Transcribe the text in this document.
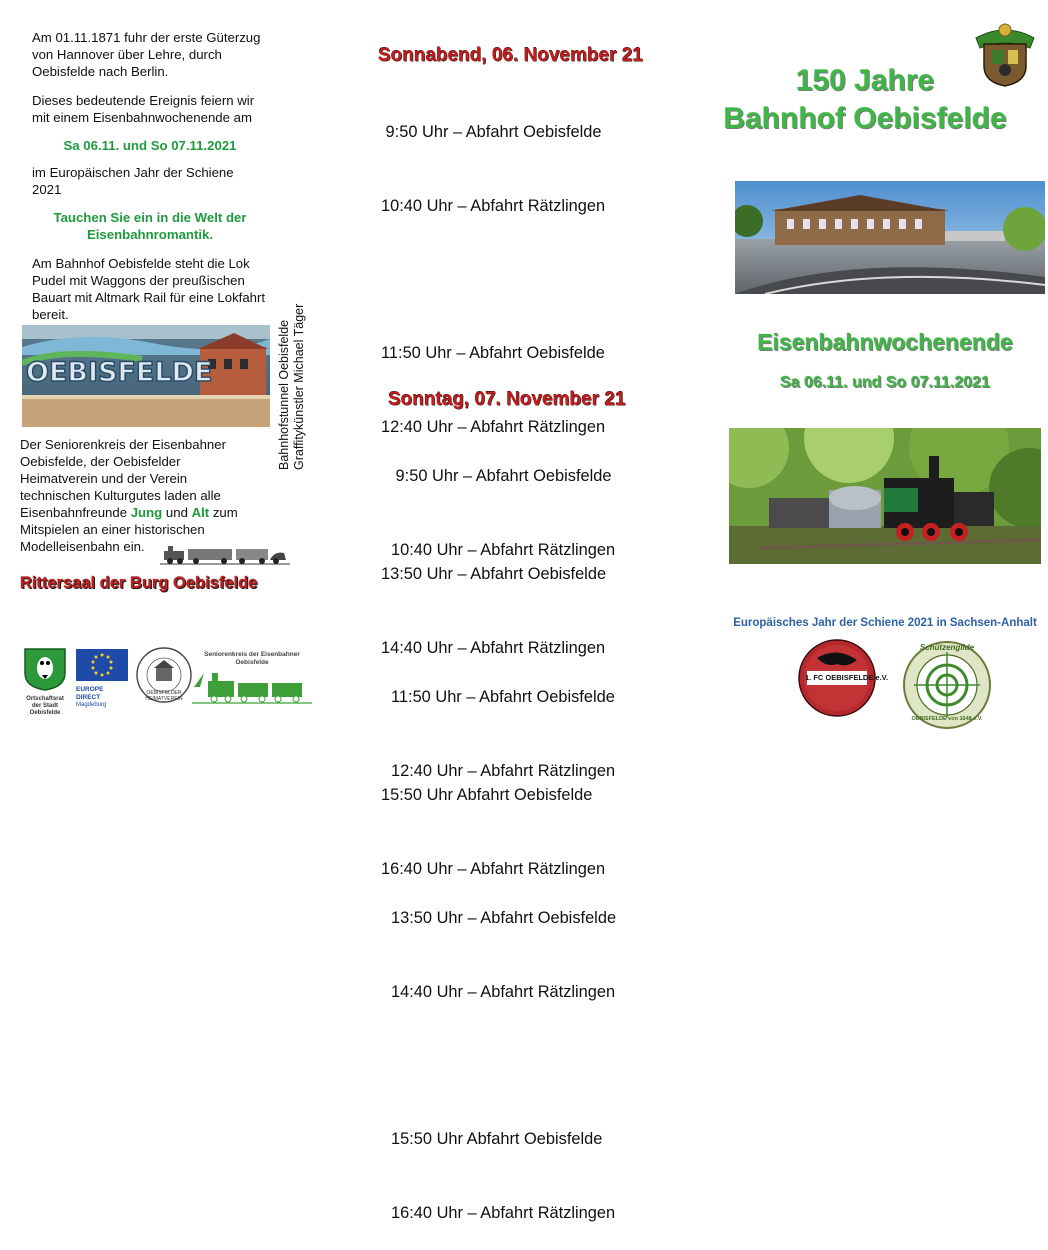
Am 01.11.1871 fuhr der erste Güterzug von Hannover über Lehre, durch Oebisfelde nach Berlin.
Dieses bedeutende Ereignis feiern wir mit einem Eisenbahnwochenende am
Sa 06.11. und So 07.11.2021
im Europäischen Jahr der Schiene 2021
Tauchen Sie ein in die Welt der
Eisenbahnromantik.
Am Bahnhof Oebisfelde steht die Lok Pudel mit Waggons der preußischen Bauart mit Altmark Rail für eine Lokfahrt bereit.
OEBISFELDE	Bahnhofstunnel Oebisfelde Graffitykünstler Michael Täger
Der Seniorenkreis der Eisenbahner Oebisfelde, der Oebisfelder Heimatverein und der Verein technischen Kulturgutes laden alle Eisenbahnfreunde Jung und Alt zum Mitspielen an einer historischen Modelleisenbahn ein.
Rittersaal der Burg Oebisfelde
Ortschaftsrat der Stadt Oebisfelde
EUROPE DIRECT
Magdeburg
OEBISFELDER HEIMATVEREIN
Seniorenkreis der Eisenbahner
Oebisfelde
Sonnabend, 06. November 21

9:50 Uhr – Abfahrt Oebisfelde

10:40 Uhr – Abfahrt Rätzlingen

11:50 Uhr – Abfahrt Oebisfelde

12:40 Uhr – Abfahrt Rätzlingen

13:50 Uhr – Abfahrt Oebisfelde

14:40 Uhr – Abfahrt Rätzlingen

15:50 Uhr Abfahrt Oebisfelde

16:40 Uhr – Abfahrt Rätzlingen

Sonntag, 07. November 21

9:50 Uhr – Abfahrt Oebisfelde

10:40 Uhr – Abfahrt Rätzlingen

11:50 Uhr – Abfahrt Oebisfelde

12:40 Uhr – Abfahrt Rätzlingen

13:50 Uhr – Abfahrt Oebisfelde

14:40 Uhr – Abfahrt Rätzlingen

15:50 Uhr Abfahrt Oebisfelde

16:40 Uhr – Abfahrt Rätzlingen

150 Jahre
Bahnhof Oebisfelde
Eisenbahnwochenende
Sa 06.11. und So 07.11.2021
Europäisches Jahr der Schiene 2021 in Sachsen-Anhalt
1. FC OEBISFELDE e.V.
Schützengilde
OEBISFELDE von 1648 e.V.
